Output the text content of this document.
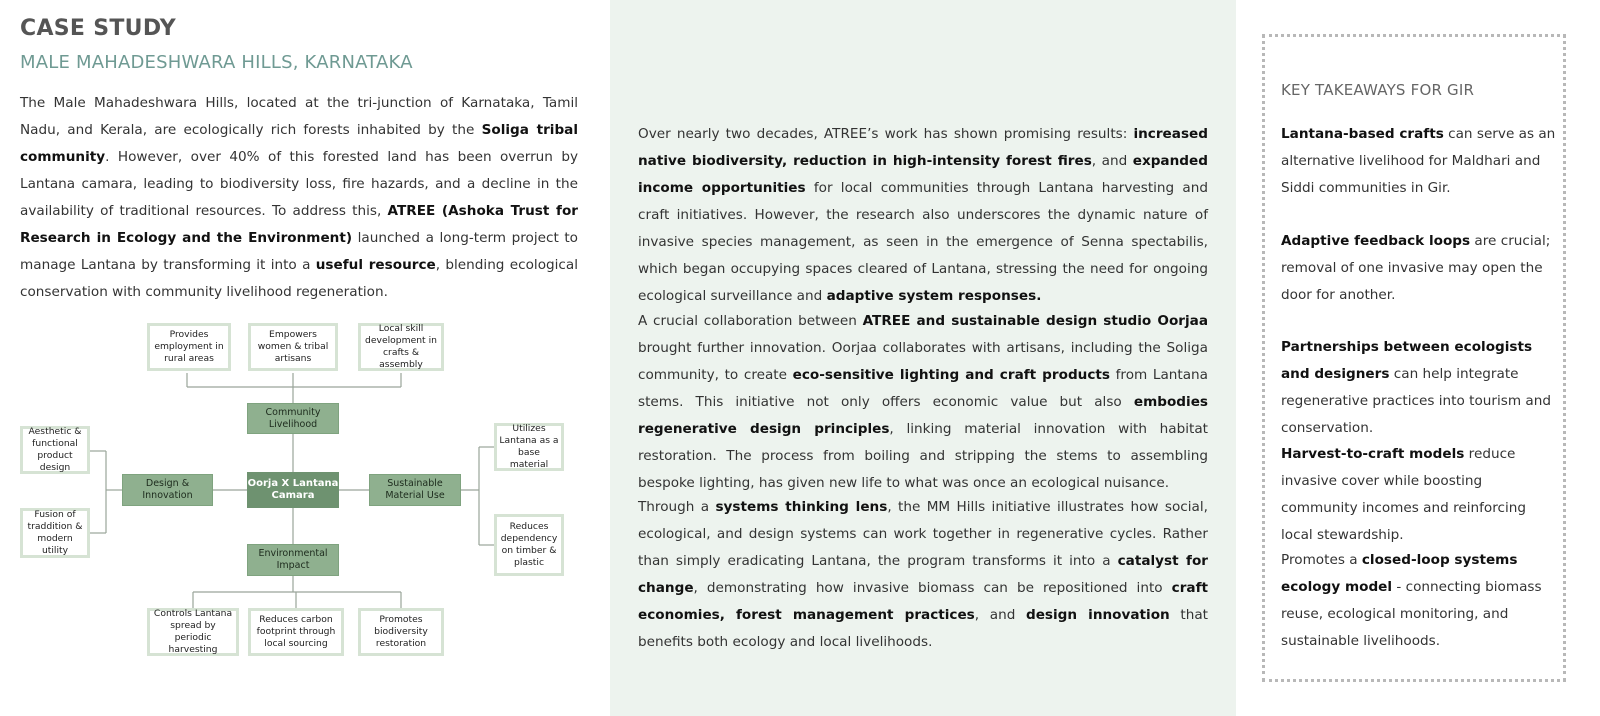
CASE STUDY
MALE MAHADESHWARA HILLS, KARNATAKA

The Male Mahadeshwara Hills, located at the tri-junction of Karnataka, Tamil Nadu, and Kerala, are ecologically rich forests inhabited by the Soliga tribal community. However, over 40% of this forested land has been overrun by Lantana camara, leading to biodiversity loss, fire hazards, and a decline in the availability of traditional resources. To address this, ATREE (Ashoka Trust for Research in Ecology and the Environment) launched a long-term project to manage Lantana by transforming it into a useful resource, blending ecological conservation with community livelihood regeneration.

Provides employment in rural areas
Empowers women & tribal artisans
Local skill development in crafts & assembly
Community Livelihood
Design & Innovation
Oorja X Lantana Camara
Sustainable Material Use
Environmental Impact
Aesthetic & functional product design
Fusion of traddition & modern utility
Utilizes Lantana as a base material
Reduces dependency on timber & plastic
Controls Lantana spread by periodic harvesting
Reduces carbon footprint through local sourcing
Promotes biodiversity restoration

Over nearly two decades, ATREE’s work has shown promising results: increased native biodiversity, reduction in high-intensity forest fires, and expanded income opportunities for local communities through Lantana harvesting and craft initiatives. However, the research also underscores the dynamic nature of invasive species management, as seen in the emergence of Senna spectabilis, which began occupying spaces cleared of Lantana, stressing the need for ongoing ecological surveillance and adaptive system responses.

A crucial collaboration between ATREE and sustainable design studio Oorjaa brought further innovation. Oorjaa collaborates with artisans, including the Soliga community, to create eco-sensitive lighting and craft products from Lantana stems. This initiative not only offers economic value but also embodies regenerative design principles, linking material innovation with habitat restoration. The process from boiling and stripping the stems to assembling bespoke lighting, has given new life to what was once an ecological nuisance.

Through a systems thinking lens, the MM Hills initiative illustrates how social, ecological, and design systems can work together in regenerative cycles. Rather than simply eradicating Lantana, the program transforms it into a catalyst for change, demonstrating how invasive biomass can be repositioned into craft economies, forest management practices, and design innovation that benefits both ecology and local livelihoods.

KEY TAKEAWAYS FOR GIR

Lantana-based crafts can serve as an alternative livelihood for Maldhari and Siddi communities in Gir.

Adaptive feedback loops are crucial; removal of one invasive may open the door for another.

Partnerships between ecologists and designers can help integrate regenerative practices into tourism and conservation.

Harvest-to-craft models reduce invasive cover while boosting community incomes and reinforcing local stewardship.

Promotes a closed-loop systems ecology model - connecting biomass reuse, ecological monitoring, and sustainable livelihoods.
